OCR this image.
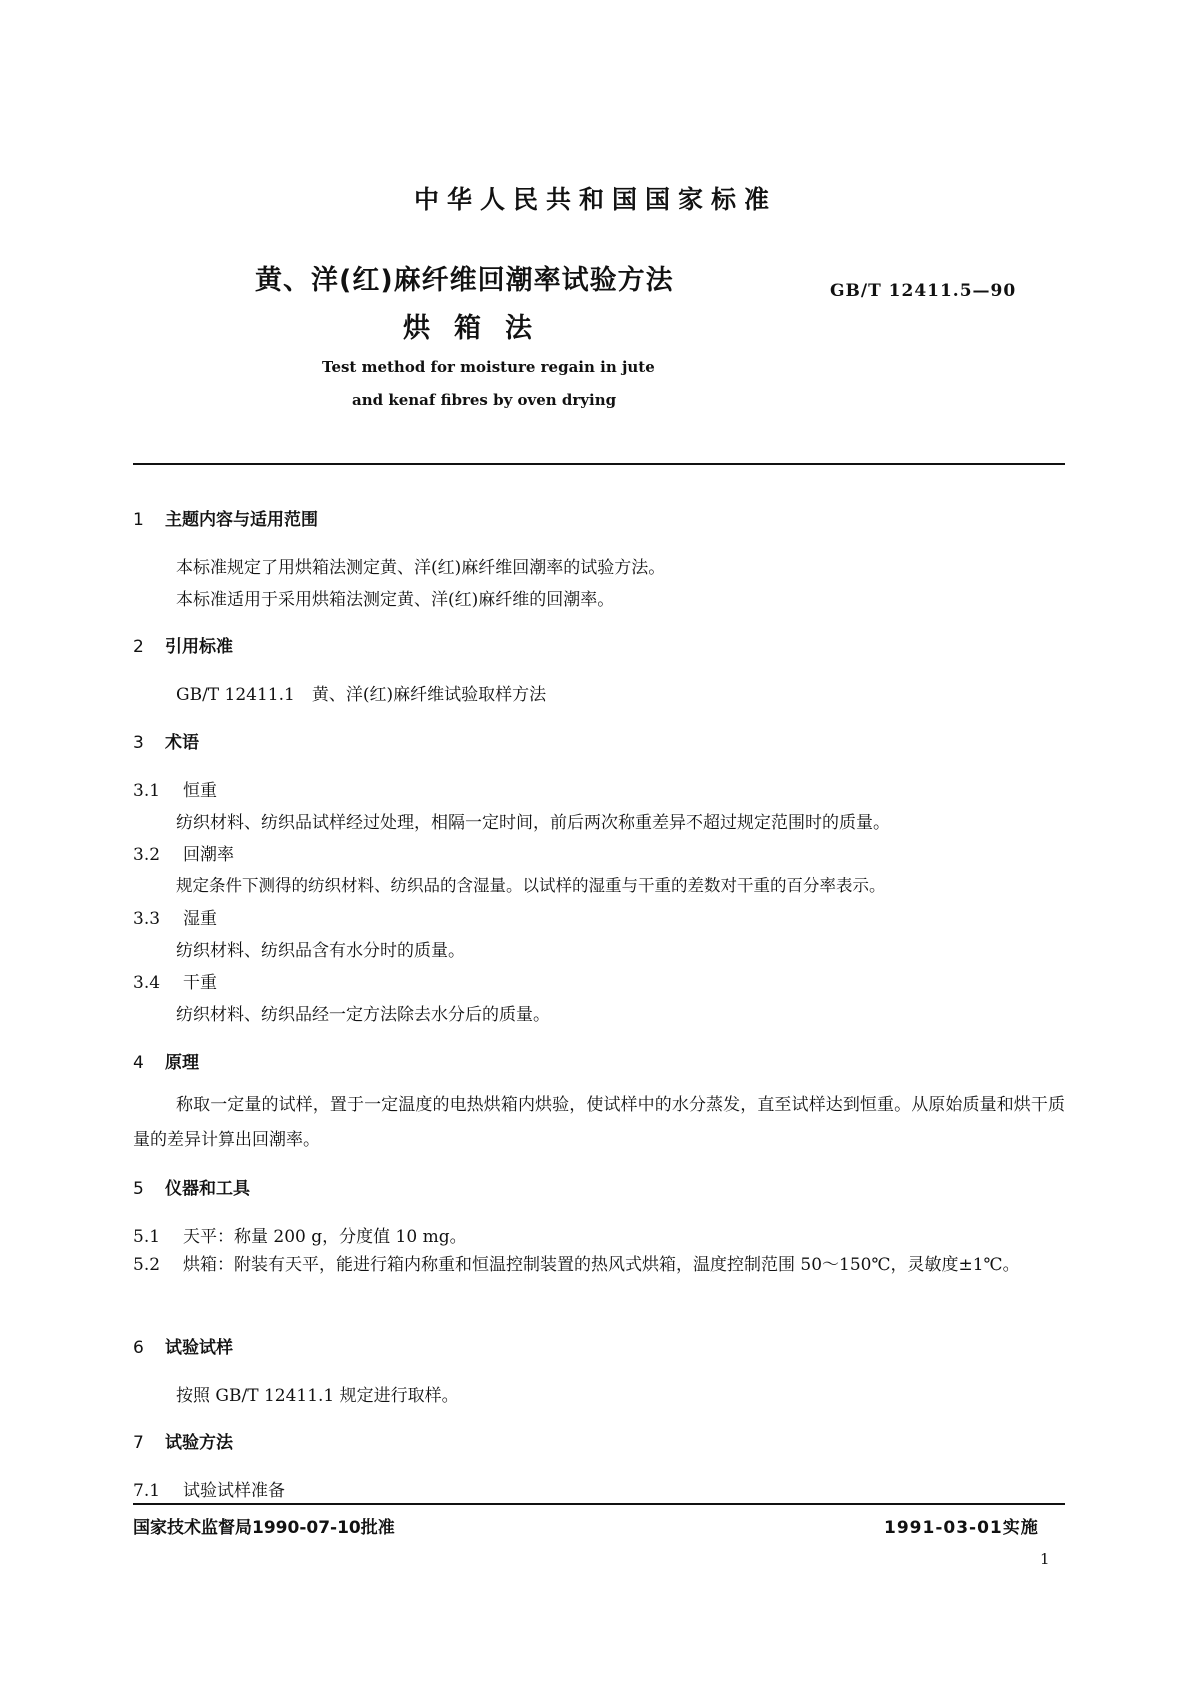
中华人民共和国国家标准
黄、洋(红)麻纤维回潮率试验方法
烘箱法
GB/T 12411.5—90
Test method for moisture regain in jute
and kenaf fibres by oven drying
1 主题内容与适用范围
本标准规定了用烘箱法测定黄、洋(红)麻纤维回潮率的试验方法。
本标准适用于采用烘箱法测定黄、洋(红)麻纤维的回潮率。
2 引用标准
GB/T 12411.1　黄、洋(红)麻纤维试验取样方法
3 术语
3.1 恒重
纺织材料、纺织品试样经过处理，相隔一定时间，前后两次称重差异不超过规定范围时的质量。
3.2 回潮率
规定条件下测得的纺织材料、纺织品的含湿量。以试样的湿重与干重的差数对干重的百分率表示。
3.3 湿重
纺织材料、纺织品含有水分时的质量。
3.4 干重
纺织材料、纺织品经一定方法除去水分后的质量。
4 原理
称取一定量的试样，置于一定温度的电热烘箱内烘验，使试样中的水分蒸发，直至试样达到恒重。从原始质量和烘干质量的差异计算出回潮率。
5 仪器和工具
5.1 天平：称量 200 g，分度值 10 mg。
5.2 烘箱：附装有天平，能进行箱内称重和恒温控制装置的热风式烘箱，温度控制范围 50～150℃，灵敏度±1℃。
6 试验试样
按照 GB/T 12411.1 规定进行取样。
7 试验方法
7.1 试验试样准备
国家技术监督局1990-07-10批准	1991-03-01实施
1
